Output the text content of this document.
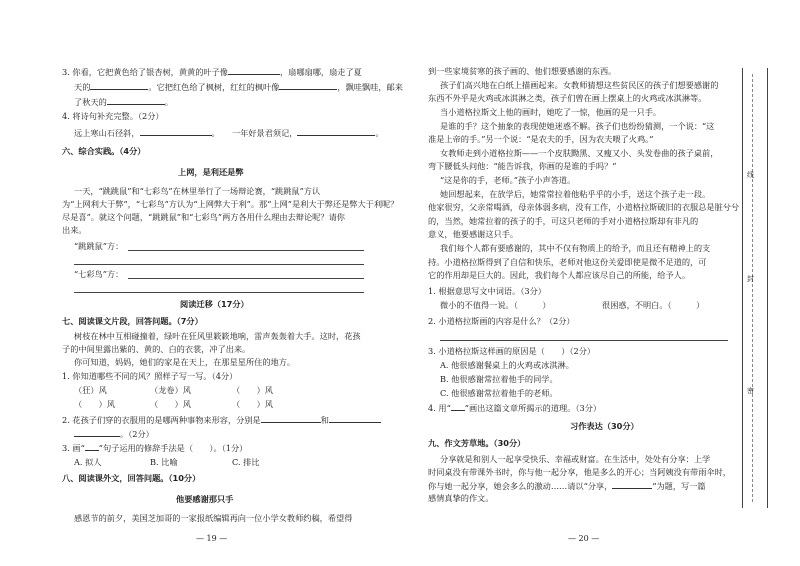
3. 你看，它把黄色给了银杏树，黄黄的叶子像	，扇哪扇哪，扇走了夏
天的	。它把红色给了枫树，红红的枫叶像	，飘哇飘哇，邮来
了秋天的	。
4. 将诗句补充完整。（2分）
远上寒山石径斜，	。　　一年好景君须记，	。
六、综合实践。（4分）
上网，是利还是弊
一天，“跳跳鼠”和“七彩鸟”在林里举行了一场辩论赛，“跳跳鼠”方认
为“上网利大于弊”，“七彩鸟”方认为“上网弊大于利”。那“上网”是利大于弊还是弊大于利呢？
尽是喜”。就这个问题，“跳跳鼠”和“七彩鸟”两方各用什么理由去辩论呢？请你
出来。
“跳跳鼠”方：
“七彩鸟”方：
阅读迁移（17分）
七、阅读课文片段，回答问题。（7分）
树枝在林中互相碰撞着，绿叶在狂风里簌簌地响，雷声轰轰着大手。这时，花孩
子的中间里露出紫的、黄的、白的衣裳，冲了出来。
你可知道，妈妈，她们的家是在天上，在那星星所住的地方。
1. 你知道哪些不同的风？照样子写一写。（4分）
（狂）风	（龙卷）风	（　　）风
（　　）风	（　　）风	（　　）风
2. 花孩子们穿的衣服用的是哪两种事物来形容，分别是	和
。（2分）
3. 画“ ”句子运用的修辞手法是（　　）。（1分）
A. 拟人	B. 比喻	C. 排比
八、阅读课外文，回答问题。（10分）
他要感谢那只手
感恩节的前夕，美国芝加哥的一家报纸编辑再向一位小学女教师约稿，希望得
— 19 —
到一些家境贫寒的孩子画的、他们想要感谢的东西。
孩子们高兴地在白纸上描画起来。女教师猜想这些贫民区的孩子们想要感谢的
东西不外乎是火鸡或冰淇淋之类，孩子们曾在画上摆桌上的火鸡或冰淇淋等。
当小道格拉斯文上他的画时，她吃了一惊，他画的是一只手。
是谁的手？这个抽象的表现使她迷惑不解。孩子们也纷纷猜测，一个说：“这
准是上帝的手。”另一个说：“是农夫的手，因为农夫喂了火鸡。”
女教师走到小道格拉斯——一个皮肤黝黑、又瘦又小、头发卷曲的孩子桌前，
弯下腰低头问他：“能告诉我，你画的是谁的手吗？”
“这是你的手，老师。”孩子小声答道。
她回想起来，在放学后，她常常拉着他粘乎乎的小手，送这个孩子走一段。
他家很穷，父亲常喝酒，母亲体弱多病，没有工作，小道格拉斯破旧的衣服总是脏兮兮
的，当然，她常拉着的孩子的手，可这只老师的手对小道格拉斯却有非凡的
意义，他要感谢这只手。
我们每个人都有要感谢的，其中不仅有物质上的给予，而且还有精神上的支
持。小道格拉斯得到了自信和快乐，老师对他这份关爱即使是微不足道的，可
它的作用却是巨大的。因此，我们每个人都应该尽自己的所能，给予人。
1. 根据意思写文中词语。（3分）
微小的不值得一说。（　　　）	很困惑，不明白。（　　　）
2. 小道格拉斯画的内容是什么？（2分）
3. 小道格拉斯这样画的原因是（　　）（2分）
A. 他很感谢餐桌上的火鸡或冰淇淋。
B. 他很感谢常拉着他手的同学。
C. 他很感谢常拉着他手的老师。
4. 用“ ”画出这篇文章所揭示的道理。（3分）
习作表达（30分）
九、作文芳草地。（30分）
分享就是和别人一起享受快乐、幸福或财富。在生活中，处处有分享：上学
时同桌没有带课外书时，你与他一起分享，他是多么的开心；当阿姨没有带雨伞时，
你与她一起分享，她会多么的激动……请以“分享，	”为题，写一篇
感情真挚的作文。
— 20 —
线
封
密
